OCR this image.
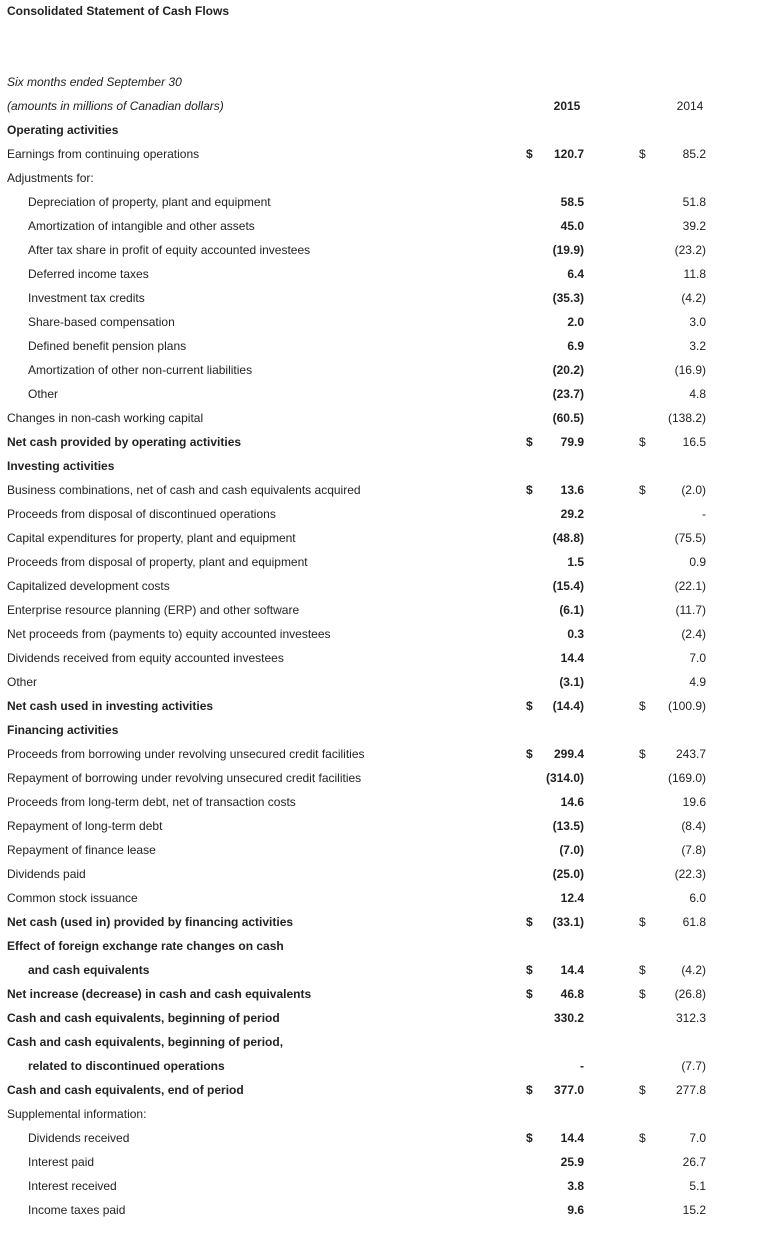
Consolidated Statement of Cash Flows
Six months ended September 30
(amounts in millions of Canadian dollars)	2015	2014
Operating activities
Earnings from continuing operations	$ 120.7	$	85.2
Adjustments for:
Depreciation of property, plant and equipment	58.5	51.8
Amortization of intangible and other assets	45.0	39.2
After tax share in profit of equity accounted investees	(19.9)	(23.2)
Deferred income taxes	6.4	11.8
Investment tax credits	(35.3)	(4.2)
Share-based compensation	2.0	3.0
Defined benefit pension plans	6.9	3.2
Amortization of other non-current liabilities	(20.2)	(16.9)
Other	(23.7)	4.8
Changes in non-cash working capital	(60.5)	(138.2)
Net cash provided by operating activities	$ 79.9	$	16.5
Investing activities
Business combinations, net of cash and cash equivalents acquired	$ 13.6	$	(2.0)
Proceeds from disposal of discontinued operations	29.2	-
Capital expenditures for property, plant and equipment	(48.8)	(75.5)
Proceeds from disposal of property, plant and equipment	1.5	0.9
Capitalized development costs	(15.4)	(22.1)
Enterprise resource planning (ERP) and other software	(6.1)	(11.7)
Net proceeds from (payments to) equity accounted investees	0.3	(2.4)
Dividends received from equity accounted investees	14.4	7.0
Other	(3.1)	4.9
Net cash used in investing activities	$ (14.4)	$ (100.9)
Financing activities
Proceeds from borrowing under revolving unsecured credit facilities	$ 299.4	$	243.7
Repayment of borrowing under revolving unsecured credit facilities	(314.0)	(169.0)
Proceeds from long-term debt, net of transaction costs	14.6	19.6
Repayment of long-term debt	(13.5)	(8.4)
Repayment of finance lease	(7.0)	(7.8)
Dividends paid	(25.0)	(22.3)
Common stock issuance	12.4	6.0
Net cash (used in) provided by financing activities	$ (33.1)	$	61.8
Effect of foreign exchange rate changes on cash
and cash equivalents	$ 14.4	$	(4.2)
Net increase (decrease) in cash and cash equivalents	$ 46.8	$ (26.8)
Cash and cash equivalents, beginning of period	330.2	312.3
Cash and cash equivalents, beginning of period,
related to discontinued operations	-	(7.7)
Cash and cash equivalents, end of period	$ 377.0	$	277.8
Supplemental information:
Dividends received	$ 14.4	$	7.0
Interest paid	25.9	26.7
Interest received	3.8	5.1
Income taxes paid	9.6	15.2
